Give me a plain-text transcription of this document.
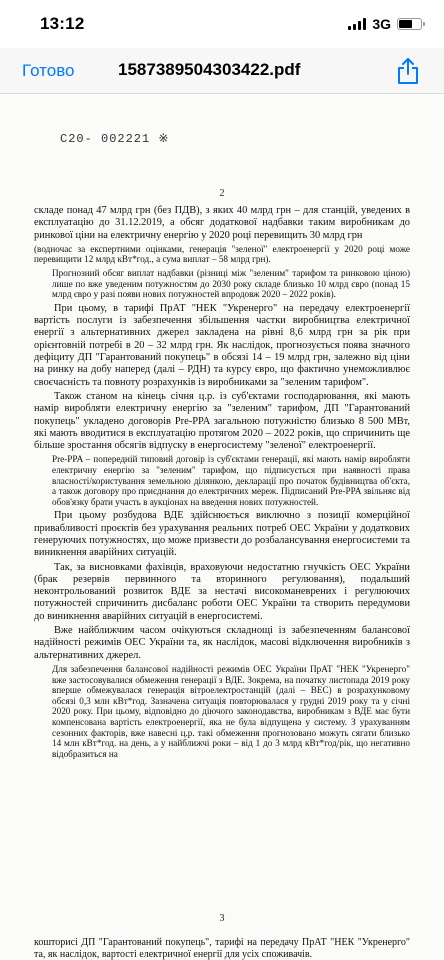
13:12	3G
Готово	1587389504303422.pdf
C20- 002221 ※
2

складе понад 47 млрд грн (без ПДВ), з яких 40 млрд грн – для станцій, уведених в експлуатацію до 31.12.2019, а обсяг додаткової надбавки таким виробникам до ринкової ціни на електричну енергію у 2020 році перевищить 30 млрд грн

(водночас за експертними оцінками, генерація "зеленої" електроенергії у 2020 році може перевищити 12 млрд кВт*год., а сума виплат – 58 млрд грн).

Прогнозний обсяг виплат надбавки (різниці між "зеленим" тарифом та ринковою ціною) лише по вже уведеним потужностям до 2030 року складе близько 10 млрд євро (понад 15 млрд євро у разі появи нових потужностей впродовж 2020 – 2022 років).

При цьому, в тарифі ПрАТ "НЕК "Укренерго" на передачу електроенергії вартість послуги із забезпечення збільшення частки виробництва електричної енергії з альтернативних джерел закладена на рівні 8,6 млрд грн за рік при орієнтовній потребі в 20 – 32 млрд грн. Як наслідок, прогнозується поява значного дефіциту ДП "Гарантований покупець" в обсязі 14 – 19 млрд грн, залежно від ціни на ринку на добу наперед (далі – РДН) та курсу євро, що фактично унеможливлює своєчасність та повноту розрахунків із виробниками за "зеленим тарифом".

Також станом на кінець січня ц.р. із суб'єктами господарювання, які мають намір виробляти електричну енергію за "зеленим" тарифом, ДП "Гарантований покупець" укладено договорів Pre-PPA загальною потужністю близько 8 500 МВт, які мають вводитися в експлуатацію протягом 2020 – 2022 років, що спричинить ще більше зростання обсягів відпуску в енергосистему "зеленої" електроенергії.

Pre-PPA – попередній типовий договір із суб'єктами генерації, які мають намір виробляти електричну енергію за "зеленим" тарифом, що підписується при наявності права власності/користування земельною ділянкою, декларації про початок будівництва об'єкта, а також договору про приєднання до електричних мереж. Підписаний Pre-PPA звільняє від обов'язку брати участь в аукціонах на введення нових потужностей.

При цьому розбудова ВДЕ здійснюється виключно з позиції комерційної привабливості проєктів без урахування реальних потреб ОЕС України у додаткових генеруючих потужностях, що може призвести до розбалансування енергосистеми та виникнення аварійних ситуацій.

Так, за висновками фахівців, враховуючи недостатню гнучкість ОЕС України (брак резервів первинного та вторинного регулювання), подальший неконтрольований розвиток ВДЕ за нестачі високоманеврених і регулюючих потужностей спричинить дисбаланс роботи ОЕС України та створить передумови до виникнення аварійних ситуацій в енергосистемі.

Вже найближчим часом очікуються складнощі із забезпеченням балансової надійності режимів ОЕС України та, як наслідок, масові відключення виробників з альтернативних джерел.

Для забезпечення балансової надійності режимів ОЕС України ПрАТ "НЕК "Укренерго" вже застосовувалися обмеження генерації з ВДЕ. Зокрема, на початку листопада 2019 року вперше обмежувалася генерація вітроелектростанцій (далі – ВЕС) в розрахунковому обсязі 0,3 млн кВт*год. Зазначена ситуація повторювалася у грудні 2019 року та у січні 2020 року. При цьому, відповідно до діючого законодавства, виробникам з ВДЕ має бути компенсована вартість електроенергії, яка не була відпущена у систему. З урахуванням сезонних факторів, вже навесні ц.р. такі обмеження прогнозовано можуть сягати близько 14 млн кВт*год. на день, а у найближчі роки – від 1 до 3 млрд кВт*год/рік, що негативно відобразиться на

3
кошториcі ДП "Гарантований покупець", тарифі на передачу ПрАТ "НЕК "Укренерго" та, як наслідок, вартості електричної енергії для усіх споживачів.
